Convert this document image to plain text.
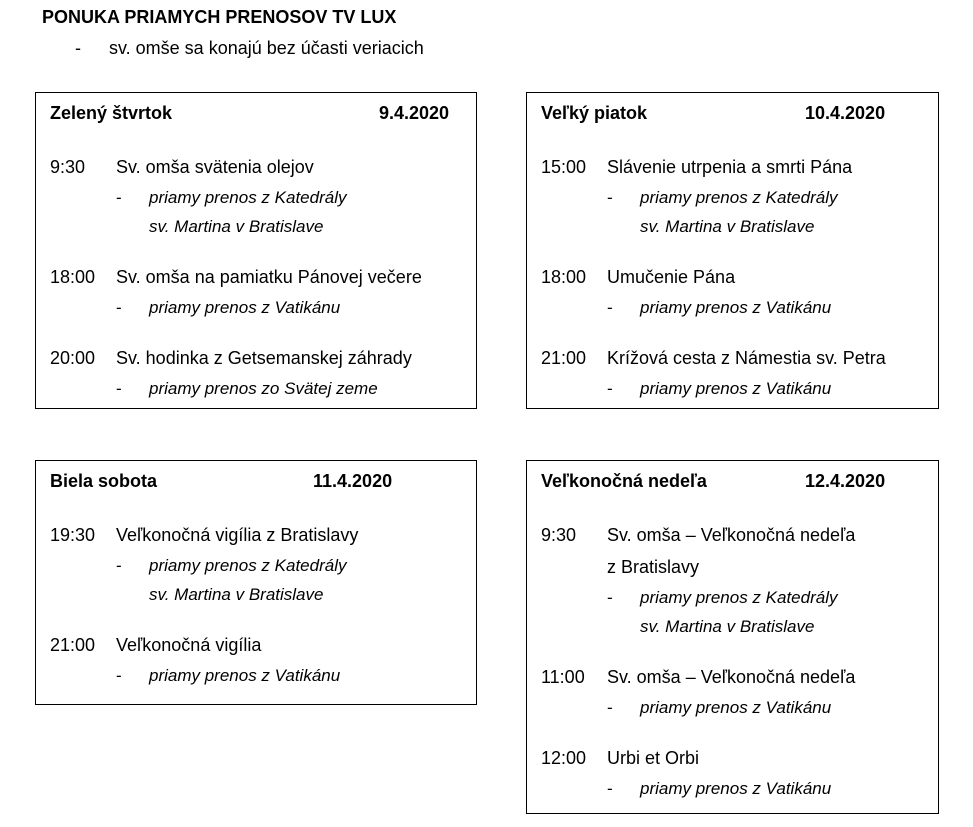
PONUKA PRIAMYCH PRENOSOV TV LUX

- sv. omše sa konajú bez účasti veriacich

Zelený štvrtok	9.4.2020
9:30 Sv. omša svätenia olejov
- priamy prenos z Katedrály
sv. Martina v Bratislave
18:00 Sv. omša na pamiatku Pánovej večere
- priamy prenos z Vatikánu
20:00 Sv. hodinka z Getsemanskej záhrady
- priamy prenos zo Svätej zeme
Veľký piatok	10.4.2020
15:00 Slávenie utrpenia a smrti Pána
- priamy prenos z Katedrály
sv. Martina v Bratislave
18:00 Umučenie Pána
- priamy prenos z Vatikánu
21:00 Krížová cesta z Námestia sv. Petra
- priamy prenos z Vatikánu
Biela sobota	11.4.2020
19:30 Veľkonočná vigília z Bratislavy
- priamy prenos z Katedrály
sv. Martina v Bratislave
21:00 Veľkonočná vigília
- priamy prenos z Vatikánu
Veľkonočná nedeľa	12.4.2020
9:30 Sv. omša – Veľkonočná nedeľa
z Bratislavy
- priamy prenos z Katedrály
sv. Martina v Bratislave
11:00 Sv. omša – Veľkonočná nedeľa
- priamy prenos z Vatikánu
12:00 Urbi et Orbi
- priamy prenos z Vatikánu
